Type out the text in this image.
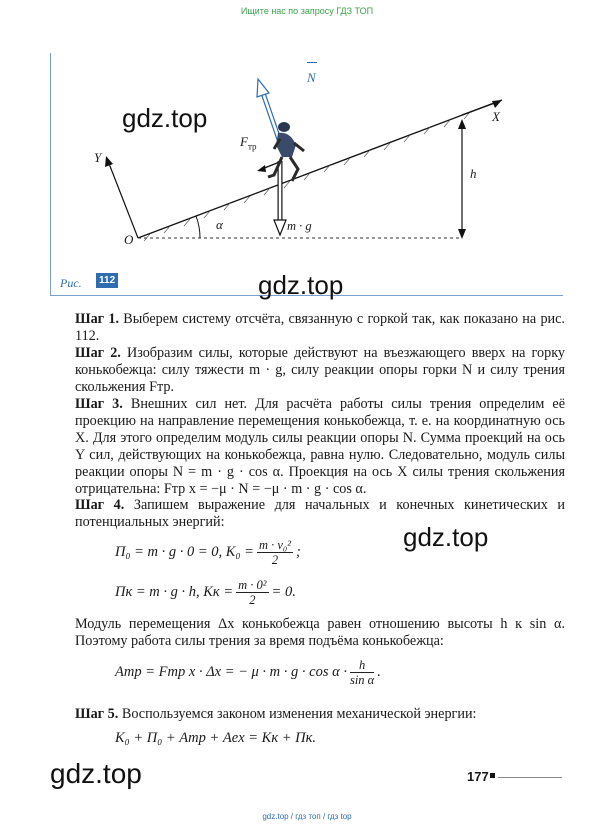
Ищите нас по запросу ГДЗ ТОП
N
$F_{тр}$
m · g
X
Y
O
α
h
gdz.top
gdz.top
gdz.top
gdz.top
Рис.	112

Шаг 1. Выберем систему отсчёта, связанную с горкой так, как показано на рис. 112.

Шаг 2. Изобразим силы, которые действуют на въезжающего вверх на горку конькобежца: силу тяжести m · g, силу реакции опоры горки N и силу трения скольжения Fтр.

Шаг 3. Внешних сил нет. Для расчёта работы силы трения определим её проекцию на направление перемещения конькобежца, т. е. на координатную ось X. Для этого определим модуль силы реакции опоры N. Сумма проекций на ось Y сил, действующих на конькобежца, равна нулю. Следовательно, модуль силы реакции опоры N = m · g · cos α. Проекция на ось X силы трения скольжения отрицательна: Fтр x = −μ · N = −μ · m · g · cos α.

Шаг 4. Запишем выражение для начальных и конечных кинетических и потенциальных энергий:

П₀ = m · g · 0 = 0, $K_0 = \frac{\text{m · v₀²}}{2}$ ;
Пк = m · g · h, Kк = $\frac{\text{m · 0²}}{2} = 0$.

Модуль перемещения Δx конькобежца равен отношению высоты h к sin α. Поэтому работа силы трения за время подъёма конькобежца:

Aтр = Fтр x · Δx = − $\mu \cdot m \cdot g \cdot \cos \alpha \cdot \frac{h}{\text{sin α}}$ .

Шаг 5. Воспользуемся законом изменения механической энергии:

K₀ + П₀ + Aтр + Aex = Kк + Пк.
177
gdz.top / гдз топ / гдз top
